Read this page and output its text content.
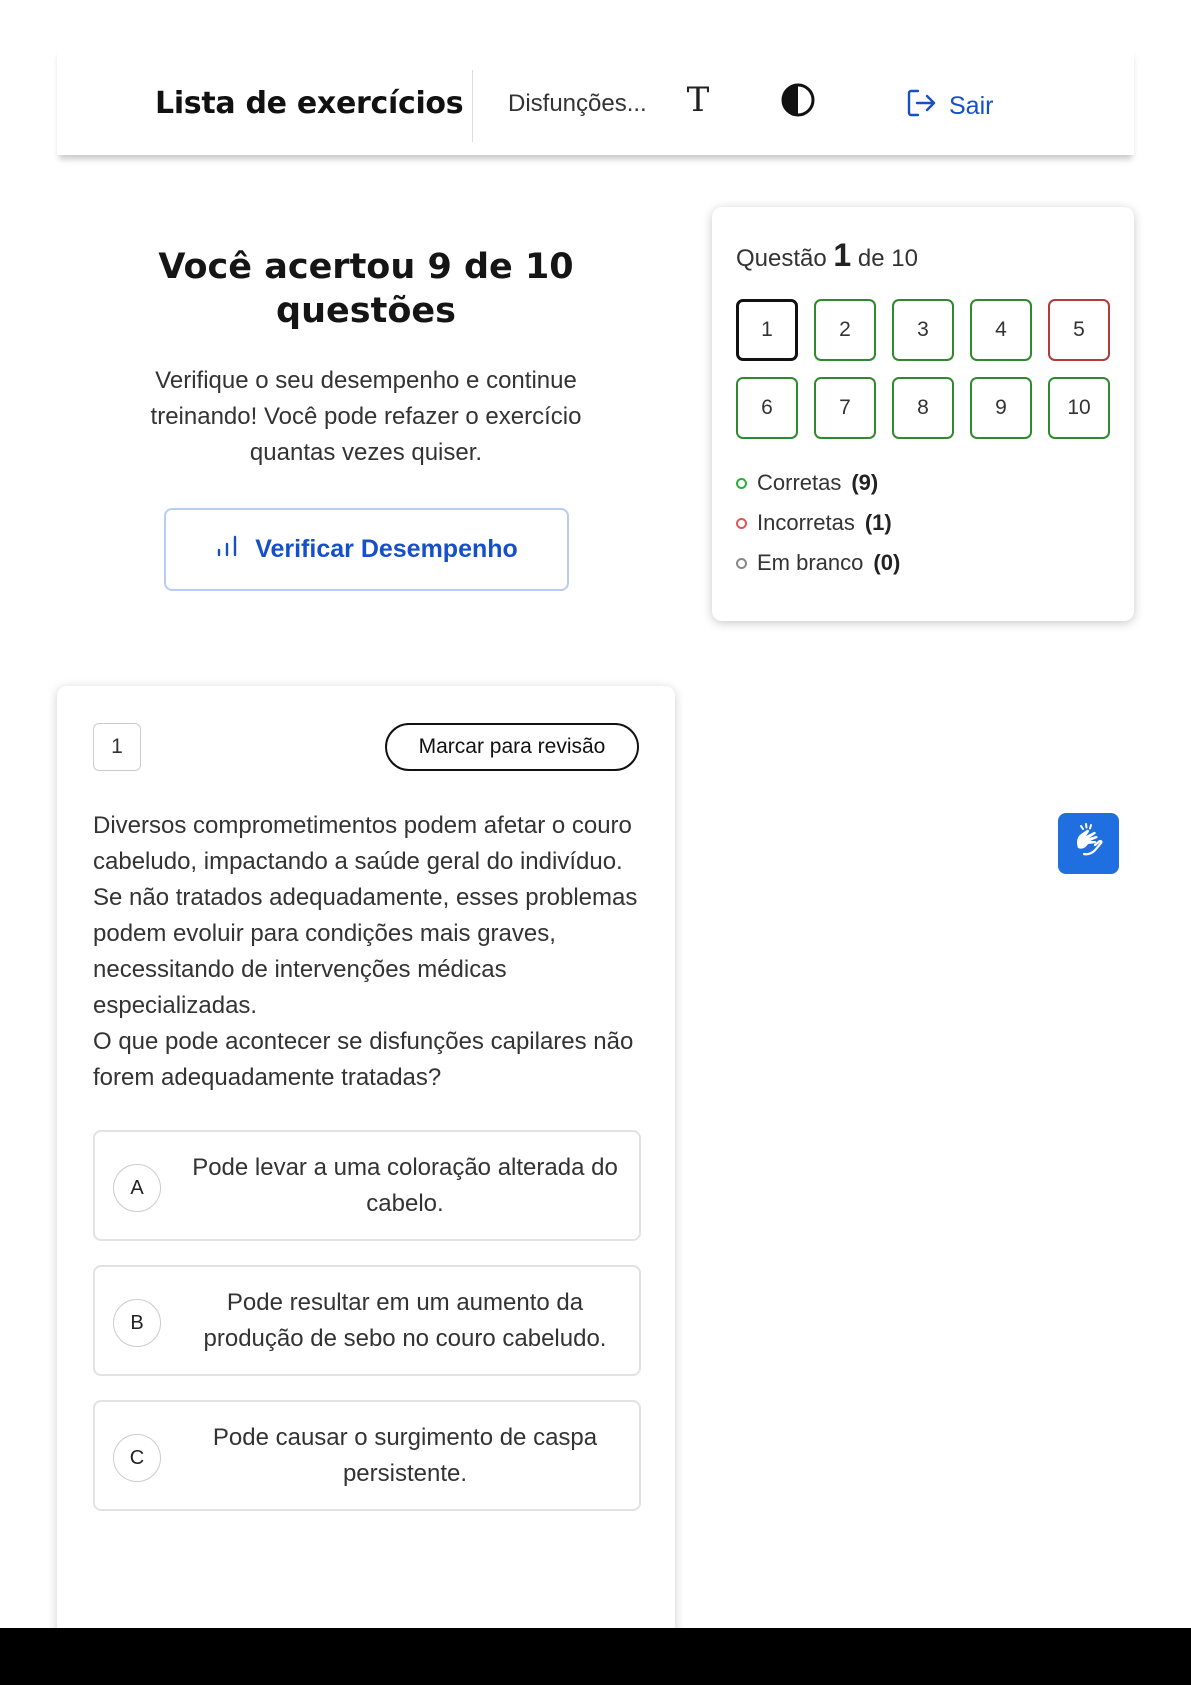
Lista de exercícios Disfunções... T	Sair
Você acertou 9 de 10 questões
Verifique o seu desempenho e continue treinando! Você pode refazer o exercício quantas vezes quiser.
Verificar Desempenho
Questão 1 de 10
1	2	3	4	5
6	7	8	9	10
Corretas (9)
Incorretas (1)
Em branco (0)
1	Marcar para revisão
Diversos comprometimentos podem afetar o couro cabeludo, impactando a saúde geral do indivíduo. Se não tratados adequadamente, esses problemas podem evoluir para condições mais graves, necessitando de intervenções médicas especializadas.
O que pode acontecer se disfunções capilares não forem adequadamente tratadas?
A
Pode levar a uma coloração alterada do cabelo.
B
Pode resultar em um aumento da produção de sebo no couro cabeludo.
C
Pode causar o surgimento de caspa persistente.
